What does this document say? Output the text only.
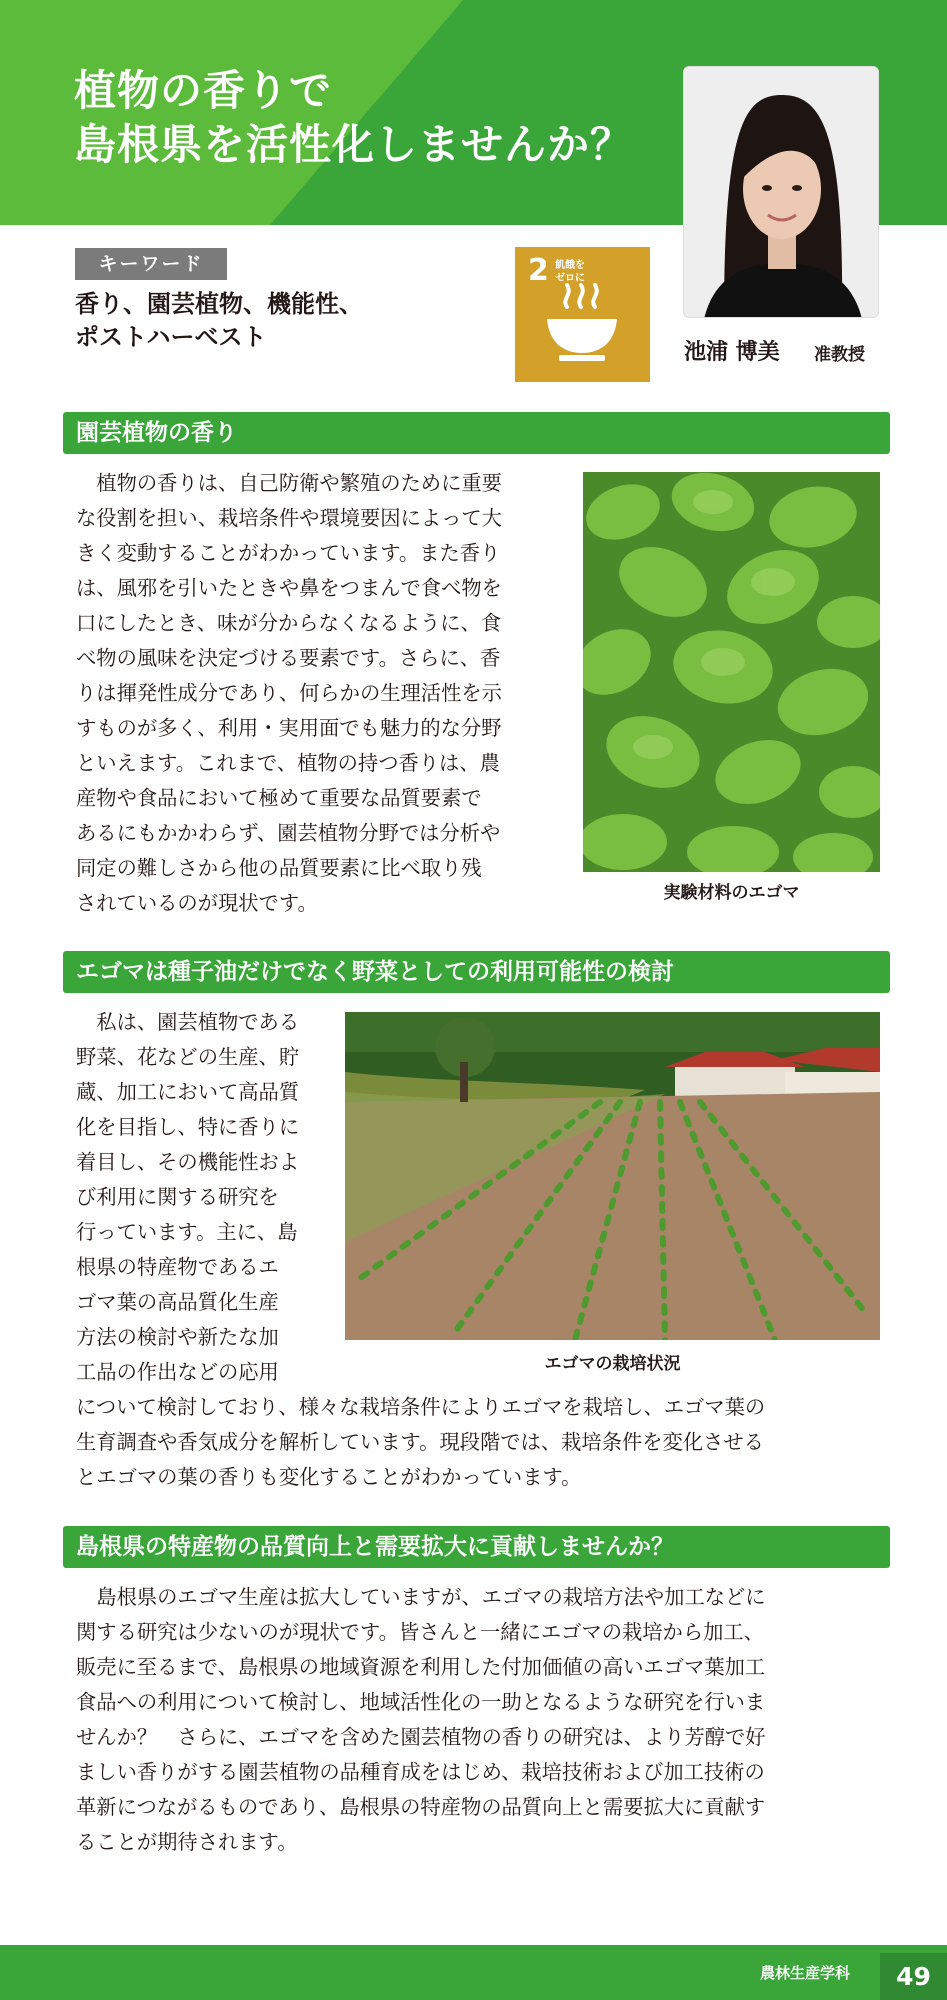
植物の香りで
島根県を活性化しませんか？
池浦 博美 准教授
キーワード
香り、園芸植物、機能性、
ポストハーベスト
2 飢餓を
ゼロに
園芸植物の香り
　植物の香りは、自己防衛や繁殖のために重要
な役割を担い、栽培条件や環境要因によって大
きく変動することがわかっています。また香り
は、風邪を引いたときや鼻をつまんで食べ物を
口にしたとき、味が分からなくなるように、食
べ物の風味を決定づける要素です。さらに、香
りは揮発性成分であり、何らかの生理活性を示
すものが多く、利用・実用面でも魅力的な分野
といえます。これまで、植物の持つ香りは、農
産物や食品において極めて重要な品質要素で
あるにもかかわらず、園芸植物分野では分析や
同定の難しさから他の品質要素に比べ取り残
されているのが現状です。	実験材料のエゴマ
エゴマは種子油だけでなく野菜としての利用可能性の検討
　私は、園芸植物である
野菜、花などの生産、貯
蔵、加工において高品質
化を目指し、特に香りに
着目し、その機能性およ
び利用に関する研究を
行っています。主に、島
根県の特産物であるエ
ゴマ葉の高品質化生産
方法の検討や新たな加
工品の作出などの応用
について検討しており、様々な栽培条件によりエゴマを栽培し、エゴマ葉の
生育調査や香気成分を解析しています。現段階では、栽培条件を変化させる
とエゴマの葉の香りも変化することがわかっています。
エゴマの栽培状況
島根県の特産物の品質向上と需要拡大に貢献しませんか？
　島根県のエゴマ生産は拡大していますが、エゴマの栽培方法や加工などに
関する研究は少ないのが現状です。皆さんと一緒にエゴマの栽培から加工、
販売に至るまで、島根県の地域資源を利用した付加価値の高いエゴマ葉加工
食品への利用について検討し、地域活性化の一助となるような研究を行いま
せんか？　さらに、エゴマを含めた園芸植物の香りの研究は、より芳醇で好
ましい香りがする園芸植物の品種育成をはじめ、栽培技術および加工技術の
革新につながるものであり、島根県の特産物の品質向上と需要拡大に貢献す
ることが期待されます。
農林生産学科	49
